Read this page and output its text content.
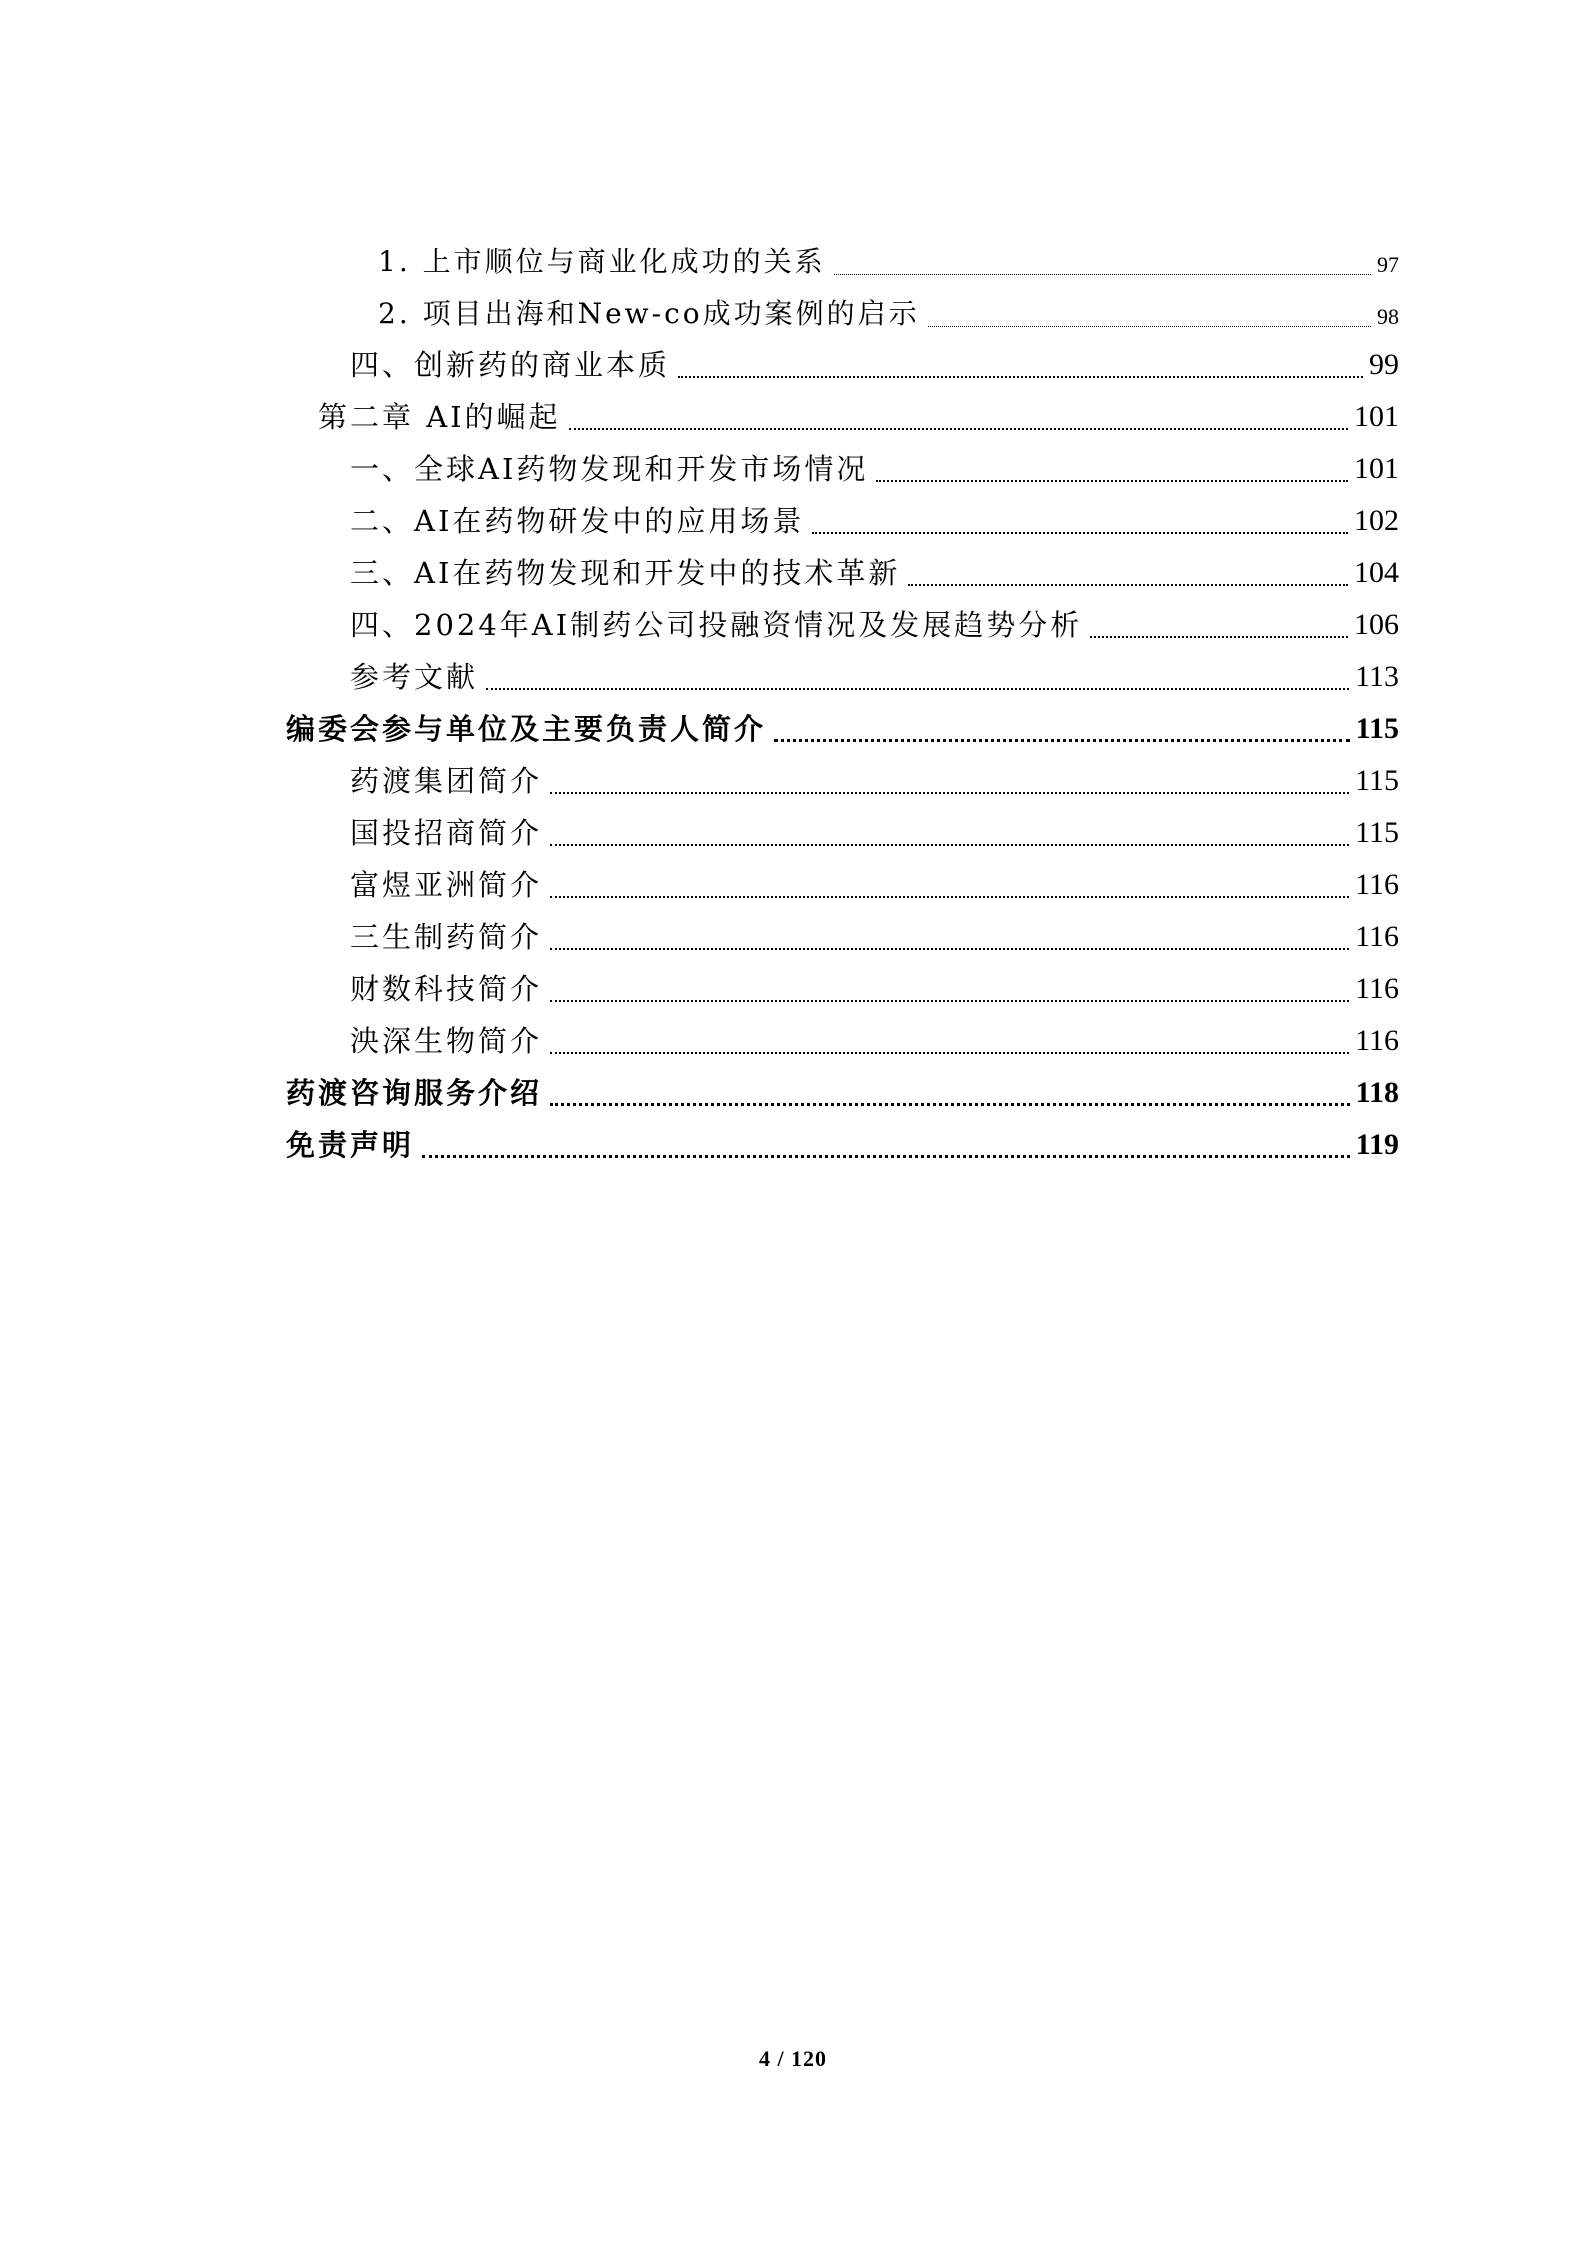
1. 上市顺位与商业化成功的关系	97
2. 项目出海和New-co成功案例的启示	98
四、创新药的商业本质	99
第二章 AI的崛起	101
一、全球AI药物发现和开发市场情况	101
二、AI在药物研发中的应用场景	102
三、AI在药物发现和开发中的技术革新	104
四、2024年AI制药公司投融资情况及发展趋势分析	106
参考文献	113
编委会参与单位及主要负责人简介	115
药渡集团简介	115
国投招商简介	115
富煜亚洲简介	116
三生制药简介	116
财数科技简介	116
泱深生物简介	116
药渡咨询服务介绍	118
免责声明	119
4 / 120
